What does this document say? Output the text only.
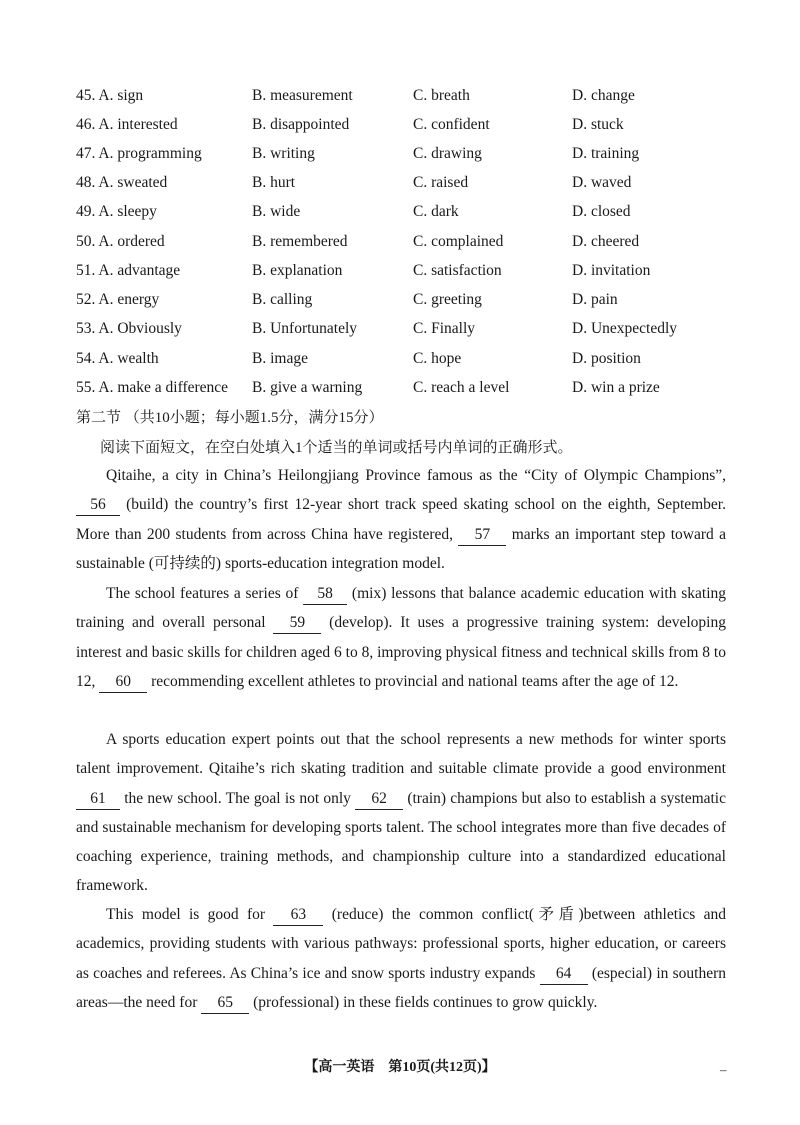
45. A. sign	B. measurement	C. breath	D. change
46. A. interested	B. disappointed	C. confident	D. stuck
47. A. programming	B. writing	C. drawing	D. training
48. A. sweated	B. hurt	C. raised	D. waved
49. A. sleepy	B. wide	C. dark	D. closed
50. A. ordered	B. remembered	C. complained	D. cheered
51. A. advantage	B. explanation	C. satisfaction	D. invitation
52. A. energy	B. calling	C. greeting	D. pain
53. A. Obviously	B. Unfortunately	C. Finally	D. Unexpectedly
54. A. wealth	B. image	C. hope	D. position
55. A. make a difference B. give a warning	C. reach a level	D. win a prize
第二节 （共10小题；每小题1.5分，满分15分）
阅读下面短文，在空白处填入1个适当的单词或括号内单词的正确形式。

Qitaihe, a city in China’s Heilongjiang Province famous as the “City of Olympic Champions”, 56 (build) the country’s first 12-year short track speed skating school on the eighth, September. More than 200 students from across China have registered, 57 marks an important step toward a sustainable (可持续的) sports-education integration model.

The school features a series of 58 (mix) lessons that balance academic education with skating training and overall personal 59 (develop). It uses a progressive training system: developing interest and basic skills for children aged 6 to 8, improving physical fitness and technical skills from 8 to 12, 60 recommending excellent athletes to provincial and national teams after the age of 12.

A sports education expert points out that the school represents a new methods for winter sports talent improvement. Qitaihe’s rich skating tradition and suitable climate provide a good environment 61 the new school. The goal is not only 62 (train) champions but also to establish a systematic and sustainable mechanism for developing sports talent. The school integrates more than five decades of coaching experience, training methods, and championship culture into a standardized educational framework.

This model is good for 63 (reduce) the common conflict(矛盾)between athletics and academics, providing students with various pathways: professional sports, higher education, or careers as coaches and referees. As China’s ice and snow sports industry expands 64 (especial) in southern areas—the need for 65 (professional) in these fields continues to grow quickly.

【高一英语　第10页(共12页)】	–
